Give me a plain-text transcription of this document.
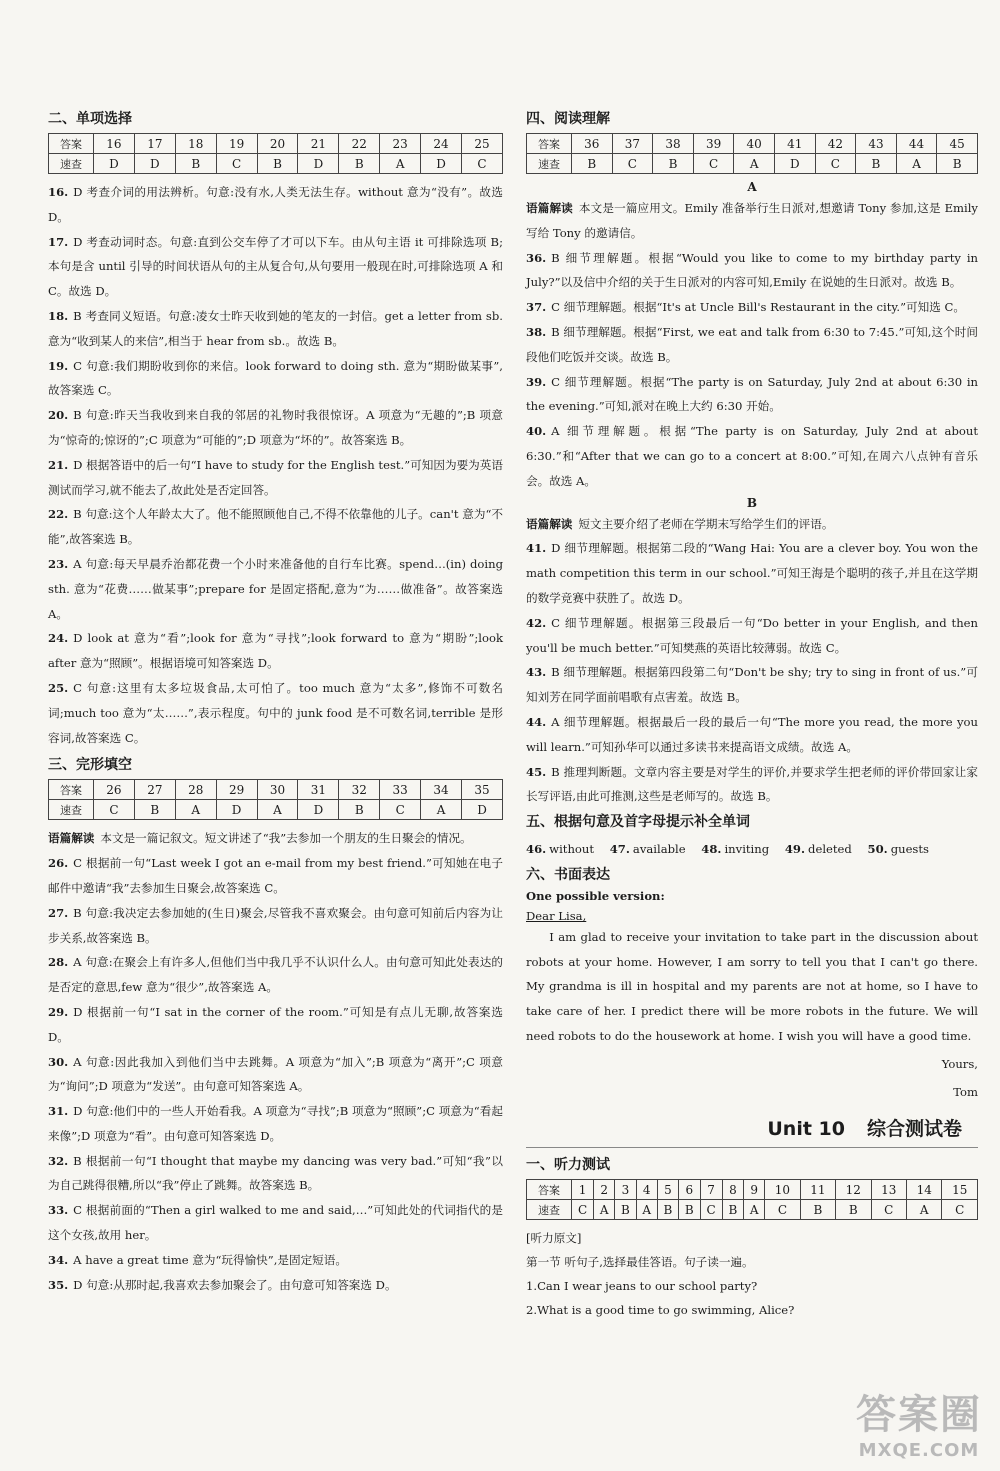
二、单项选择
答案	16	17	18	19	20	21	22	23	24	25
速查	D	D	B	C	B	D	B	A	D	C

16. D 考查介词的用法辨析。句意:没有水,人类无法生存。without 意为“没有”。故选 D。

17. D 考查动词时态。句意:直到公交车停了才可以下车。由从句主语 it 可排除选项 B;本句是含 until 引导的时间状语从句的主从复合句,从句要用一般现在时,可排除选项 A 和 C。故选 D。

18. B 考查同义短语。句意:凌女士昨天收到她的笔友的一封信。get a letter from sb. 意为“收到某人的来信”,相当于 hear from sb.。故选 B。

19. C 句意:我们期盼收到你的来信。look forward to doing sth. 意为“期盼做某事”,故答案选 C。

20. B 句意:昨天当我收到来自我的邻居的礼物时我很惊讶。A 项意为“无趣的”;B 项意为“惊奇的;惊讶的”;C 项意为“可能的”;D 项意为“坏的”。故答案选 B。

21. D 根据答语中的后一句“I have to study for the English test.”可知因为要为英语测试而学习,就不能去了,故此处是否定回答。

22. B 句意:这个人年龄太大了。他不能照顾他自己,不得不依靠他的儿子。can't 意为“不能”,故答案选 B。

23. A 句意:每天早晨乔治都花费一个小时来准备他的自行车比赛。spend…(in) doing sth. 意为“花费……做某事”;prepare for 是固定搭配,意为“为……做准备”。故答案选 A。

24. D look at 意为“看”;look for 意为“寻找”;look forward to 意为“期盼”;look after 意为“照顾”。根据语境可知答案选 D。

25. C 句意:这里有太多垃圾食品,太可怕了。too much 意为“太多”,修饰不可数名词;much too 意为“太……”,表示程度。句中的 junk food 是不可数名词,terrible 是形容词,故答案选 C。

三、完形填空
答案	26	27	28	29	30	31	32	33	34	35
速查	C	B	A	D	A	D	B	C	A	D

语篇解读 本文是一篇记叙文。短文讲述了“我”去参加一个朋友的生日聚会的情况。

26. C 根据前一句“Last week I got an e-mail from my best friend.”可知她在电子邮件中邀请“我”去参加生日聚会,故答案选 C。

27. B 句意:我决定去参加她的(生日)聚会,尽管我不喜欢聚会。由句意可知前后内容为让步关系,故答案选 B。

28. A 句意:在聚会上有许多人,但他们当中我几乎不认识什么人。由句意可知此处表达的是否定的意思,few 意为“很少”,故答案选 A。

29. D 根据前一句“I sat in the corner of the room.”可知是有点儿无聊,故答案选 D。

30. A 句意:因此我加入到他们当中去跳舞。A 项意为“加入”;B 项意为“离开”;C 项意为“询问”;D 项意为“发送”。由句意可知答案选 A。

31. D 句意:他们中的一些人开始看我。A 项意为“寻找”;B 项意为“照顾”;C 项意为“看起来像”;D 项意为“看”。由句意可知答案选 D。

32. B 根据前一句“I thought that maybe my dancing was very bad.”可知“我”以为自己跳得很糟,所以“我”停止了跳舞。故答案选 B。

33. C 根据前面的“Then a girl walked to me and said,…”可知此处的代词指代的是这个女孩,故用 her。

34. A have a great time 意为“玩得愉快”,是固定短语。

35. D 句意:从那时起,我喜欢去参加聚会了。由句意可知答案选 D。

四、阅读理解
答案	36	37	38	39	40	41	42	43	44	45
速查	B	C	B	C	A	D	C	B	A	B
A

语篇解读 本文是一篇应用文。Emily 准备举行生日派对,想邀请 Tony 参加,这是 Emily 写给 Tony 的邀请信。

36. B 细节理解题。根据“Would you like to come to my birthday party in July?”以及信中介绍的关于生日派对的内容可知,Emily 在说她的生日派对。故选 B。

37. C 细节理解题。根据“It's at Uncle Bill's Restaurant in the city.”可知选 C。

38. B 细节理解题。根据“First, we eat and talk from 6:30 to 7:45.”可知,这个时间段他们吃饭并交谈。故选 B。

39. C 细节理解题。根据“The party is on Saturday, July 2nd at about 6:30 in the evening.”可知,派对在晚上大约 6:30 开始。

40. A 细节理解题。根据“The party is on Saturday, July 2nd at about 6:30.”和“After that we can go to a concert at 8:00.”可知,在周六八点钟有音乐会。故选 A。

B

语篇解读 短文主要介绍了老师在学期末写给学生们的评语。

41. D 细节理解题。根据第二段的“Wang Hai: You are a clever boy. You won the math competition this term in our school.”可知王海是个聪明的孩子,并且在这学期的数学竞赛中获胜了。故选 D。

42. C 细节理解题。根据第三段最后一句“Do better in your English, and then you'll be much better.”可知樊燕的英语比较薄弱。故选 C。

43. B 细节理解题。根据第四段第二句“Don't be shy; try to sing in front of us.”可知刘芳在同学面前唱歌有点害羞。故选 B。

44. A 细节理解题。根据最后一段的最后一句“The more you read, the more you will learn.”可知孙华可以通过多读书来提高语文成绩。故选 A。

45. B 推理判断题。文章内容主要是对学生的评价,并要求学生把老师的评价带回家让家长写评语,由此可推测,这些是老师写的。故选 B。

五、根据句意及首字母提示补全单词

46. without 47. available 48. inviting 49. deleted 50. guests

六、书面表达

One possible version:

Dear Lisa,

I am glad to receive your invitation to take part in the discussion about robots at your home. However, I am sorry to tell you that I can't go there. My grandma is ill in hospital and my parents are not at home, so I have to take care of her. I predict there will be more robots in the future. We will need robots to do the housework at home. I wish you will have a good time.

Yours,

Tom

Unit 10 综合测试卷
一、听力测试
答案	1	2	3	4	5	6	7	8	9	10	11	12	13	14	15
速查	C	A	B	A	B	B	C	B	A	C	B	B	C	A	C

[听力原文]

第一节 听句子,选择最佳答语。句子读一遍。

1.Can I wear jeans to our school party?

2.What is a good time to go swimming, Alice?

答案圈
MXQE.COM
